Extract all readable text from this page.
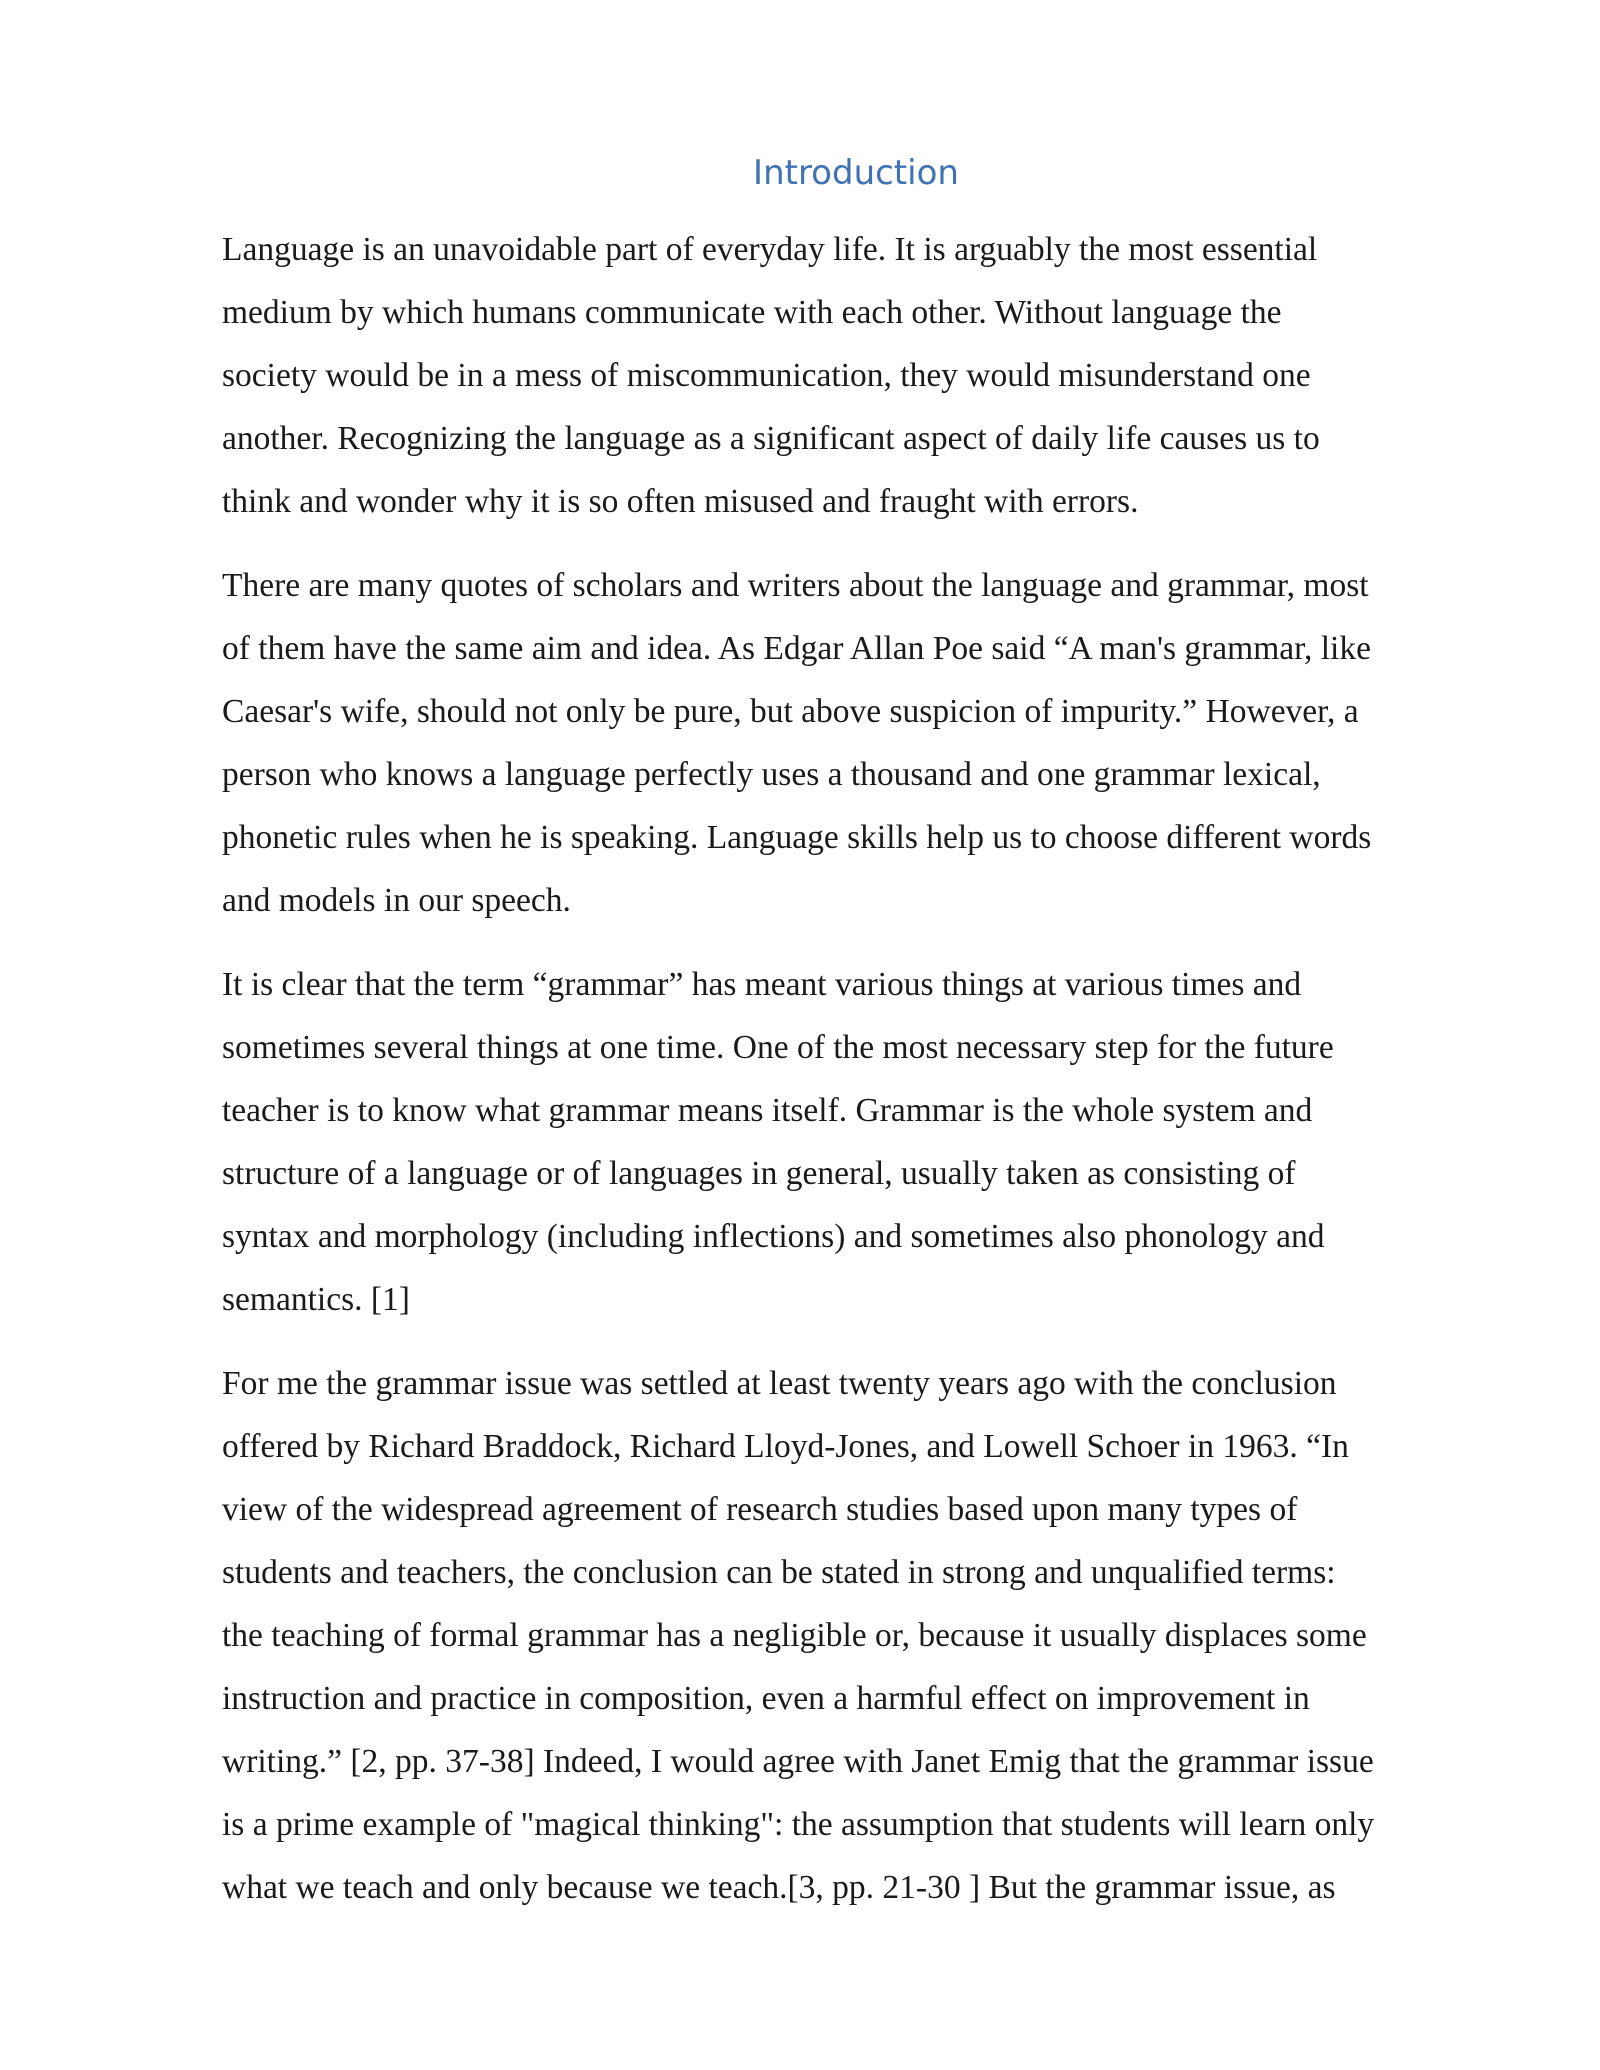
Introduction

Language is an unavoidable part of everyday life. It is arguably the most essential
medium by which humans communicate with each other. Without language the
society would be in a mess of miscommunication, they would misunderstand one
another. Recognizing the language as a significant aspect of daily life causes us to
think and wonder why it is so often misused and fraught with errors.

There are many quotes of scholars and writers about the language and grammar, most
of them have the same aim and idea. As Edgar Allan Poe said “A man's grammar, like
Caesar's wife, should not only be pure, but above suspicion of impurity.” However, a
person who knows a language perfectly uses a thousand and one grammar lexical,
phonetic rules when he is speaking. Language skills help us to choose different words
and models in our speech.

It is clear that the term “grammar” has meant various things at various times and
sometimes several things at one time. One of the most necessary step for the future
teacher is to know what grammar means itself. Grammar is the whole system and
structure of a language or of languages in general, usually taken as consisting of
syntax and morphology (including inflections) and sometimes also phonology and
semantics. [1]

For me the grammar issue was settled at least twenty years ago with the conclusion
offered by Richard Braddock, Richard Lloyd-Jones, and Lowell Schoer in 1963. “In
view of the widespread agreement of research studies based upon many types of
students and teachers, the conclusion can be stated in strong and unqualified terms:
the teaching of formal grammar has a negligible or, because it usually displaces some
instruction and practice in composition, even a harmful effect on improvement in
writing.” [2, pp. 37-38] Indeed, I would agree with Janet Emig that the grammar issue
is a prime example of "magical thinking": the assumption that students will learn only
what we teach and only because we teach.[3, pp. 21-30 ] But the grammar issue, as
